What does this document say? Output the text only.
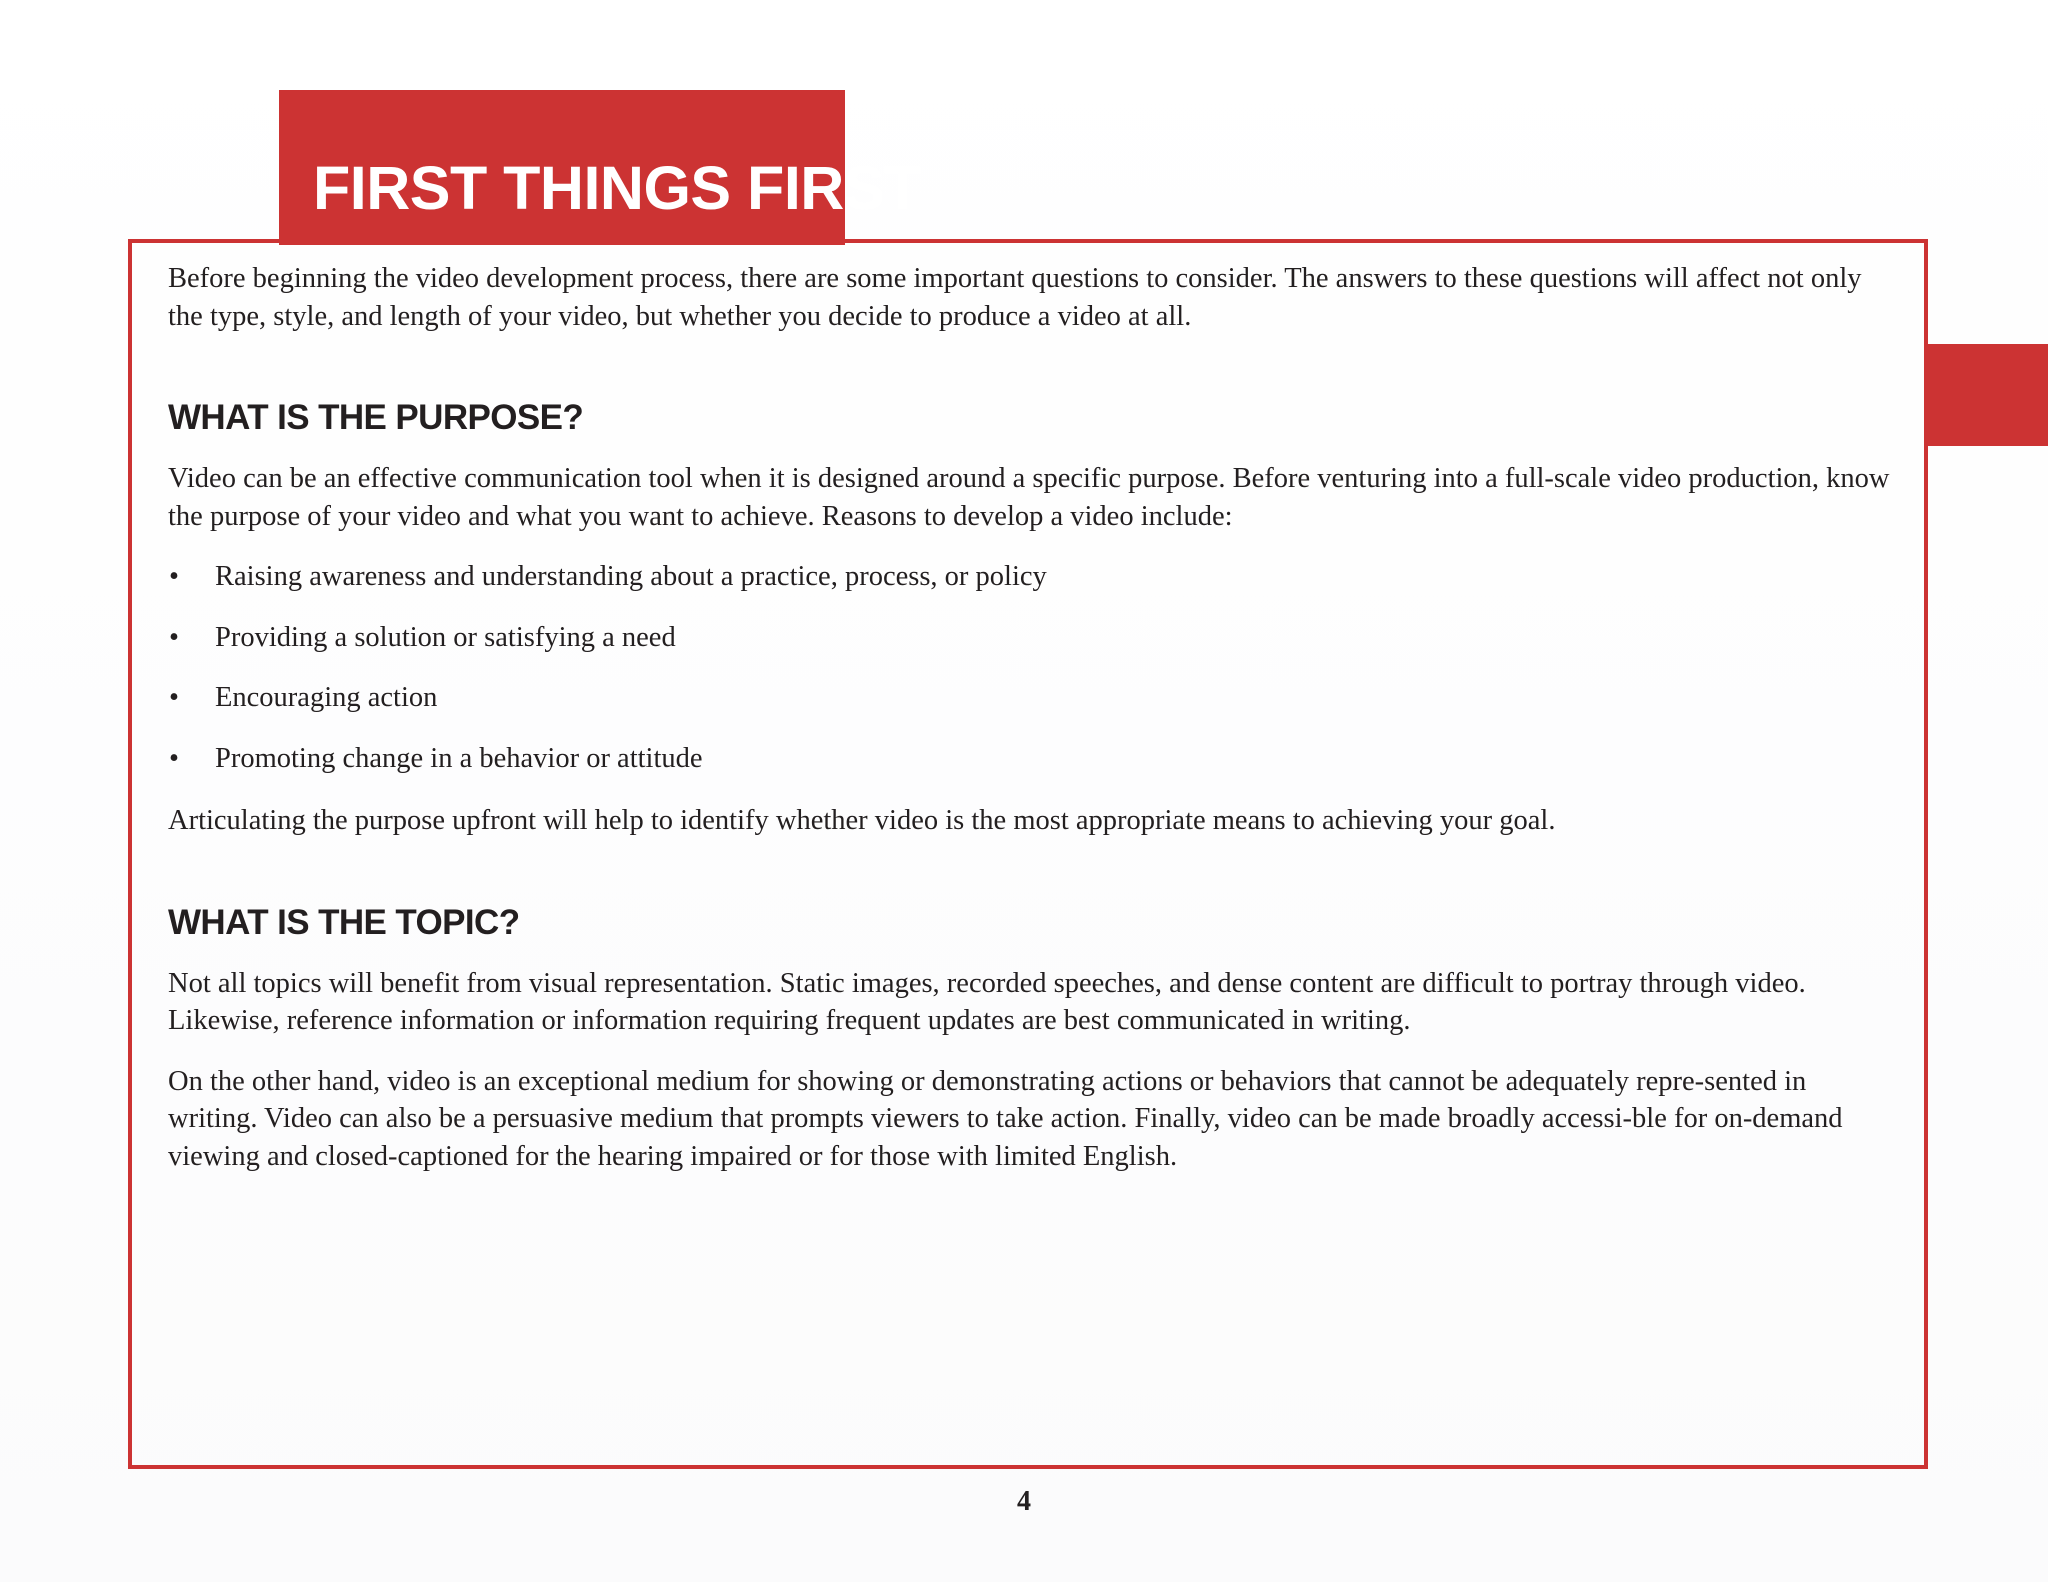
FIRST THINGS FIRST

Before beginning the video development process, there are some important questions to consider. The answers to these questions will affect not only the type, style, and length of your video, but whether you decide to produce a video at all.

WHAT IS THE PURPOSE?

Video can be an effective communication tool when it is designed around a specific purpose. Before venturing into a full-scale video production, know the purpose of your video and what you want to achieve. Reasons to develop a video include:

• Raising awareness and understanding about a practice, process, or policy
• Providing a solution or satisfying a need
• Encouraging action
• Promoting change in a behavior or attitude

Articulating the purpose upfront will help to identify whether video is the most appropriate means to achieving your goal.

WHAT IS THE TOPIC?

Not all topics will benefit from visual representation. Static images, recorded speeches, and dense content are difficult to portray through video. Likewise, reference information or information requiring frequent updates are best communicated in writing.

On the other hand, video is an exceptional medium for showing or demonstrating actions or behaviors that cannot be adequately repre-sented in writing. Video can also be a persuasive medium that prompts viewers to take action. Finally, video can be made broadly accessi-ble for on-demand viewing and closed-captioned for the hearing impaired or for those with limited English.

4
